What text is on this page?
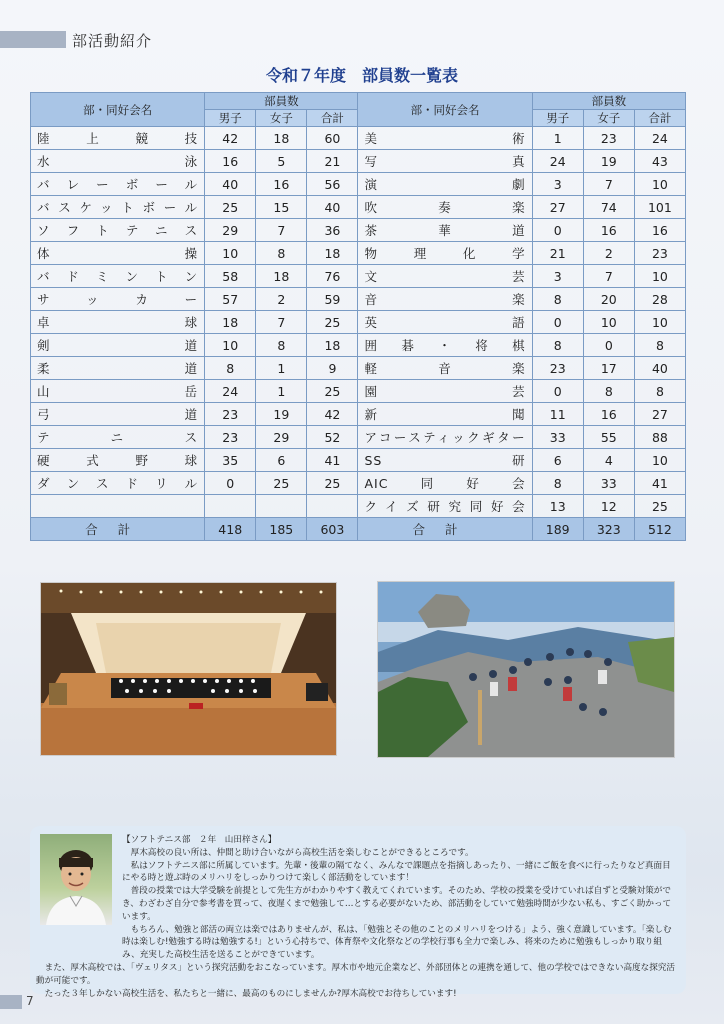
部活動紹介
令和７年度　部員数一覧表
部・同好会名	部員数			部・同好会名	部員数		
	男子	女子	合計		男子	女子	合計
陸上競技	42	18	60	美術	1	23	24
水泳	16	5	21	写真	24	19	43
バレーボール	40	16	56	演劇	3	7	10
バスケットボール	25	15	40	吹奏楽	27	74	101
ソフトテニス	29	7	36	茶華道	0	16	16
体操	10	8	18	物理化学	21	2	23
バドミントン	58	18	76	文芸	3	7	10
サッカー	57	2	59	音楽	8	20	28
卓球	18	7	25	英語	0	10	10
剣道	10	8	18	囲碁・将棋	8	0	8
柔道	8	1	9	軽音楽	23	17	40
山岳	24	1	25	園芸	0	8	8
弓道	23	19	42	新聞	11	16	27
テニス	23	29	52	アコースティックギター	33	55	88
硬式野球	35	6	41	SS研	6	4	10
ダンスドリル	0	25	25	AIC同好会	8	33	41
				クイズ研究同好会	13	12	25
合計	418	185	603	合計	189	323	512

【ソフトテニス部　２年　山田梓さん】

厚木高校の良い所は、仲間と助け合いながら高校生活を楽しむことができるところです。

私はソフトテニス部に所属しています。先輩・後輩の隔てなく、みんなで課題点を指摘しあったり、一緒にご飯を食べに行ったりなど真面目にやる時と遊ぶ時のメリハリをしっかりつけて楽しく部活動をしています！

普段の授業では大学受験を前提として先生方がわかりやすく教えてくれています。そのため、学校の授業を受けていれば自ずと受験対策ができ、わざわざ自分で参考書を買って、夜遅くまで勉強して…とする必要がないため、部活動をしていて勉強時間が少ない私も、すごく助かっています。

もちろん、勉強と部活の両立は楽ではありませんが、私は、「勉強とその他のことのメリハリをつける」よう、強く意識しています。「楽しむ時は楽しむ!勉強する時は勉強する!」という心持ちで、体育祭や文化祭などの学校行事も全力で楽しみ、将来のために勉強もしっかり取り組み、充実した高校生活を送ることができています。

また、厚木高校では、「ヴェリタス」という探究活動をおこなっています。厚木市や地元企業など、外部団体との連携を通して、他の学校ではできない高度な探究活動が可能です。

たった３年しかない高校生活を、私たちと一緒に、最高のものにしませんか?厚木高校でお待ちしています!

7
